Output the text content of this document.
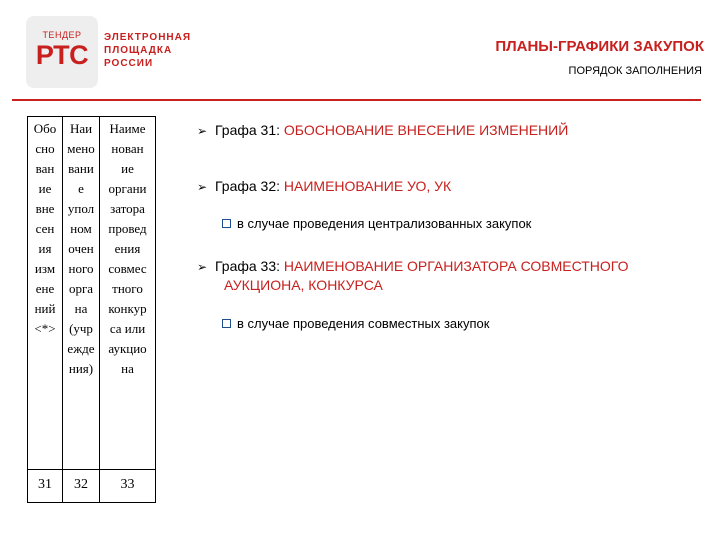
ТЕНДЕР
РТС
ЭЛЕКТРОННАЯ
ПЛОЩАДКА
РОССИИ
ПЛАНЫ-ГРАФИКИ ЗАКУПОК
ПОРЯДОК ЗАПОЛНЕНИЯ
Обо
сно
ван
ие
вне
сен
ия
изм
ене
ний
<*>
Наи
мено
вани
е
упол
ном
очен
ного
орга
на
(учр
еждe
ния)
Наиме
нован
ие
органи
затора
провед
ения
совмес
тного
конкур
са или
аукцио
на
31	32	33
➢ Графа 31: ОБОСНОВАНИЕ ВНЕСЕНИЕ ИЗМЕНЕНИЙ
➢ Графа 32: НАИМЕНОВАНИЕ УО, УК
в случае проведения централизованных закупок
➢ Графа 33: НАИМЕНОВАНИЕ ОРГАНИЗАТОРА СОВМЕСТНОГО
АУКЦИОНА, КОНКУРСА
в случае проведения совместных закупок
